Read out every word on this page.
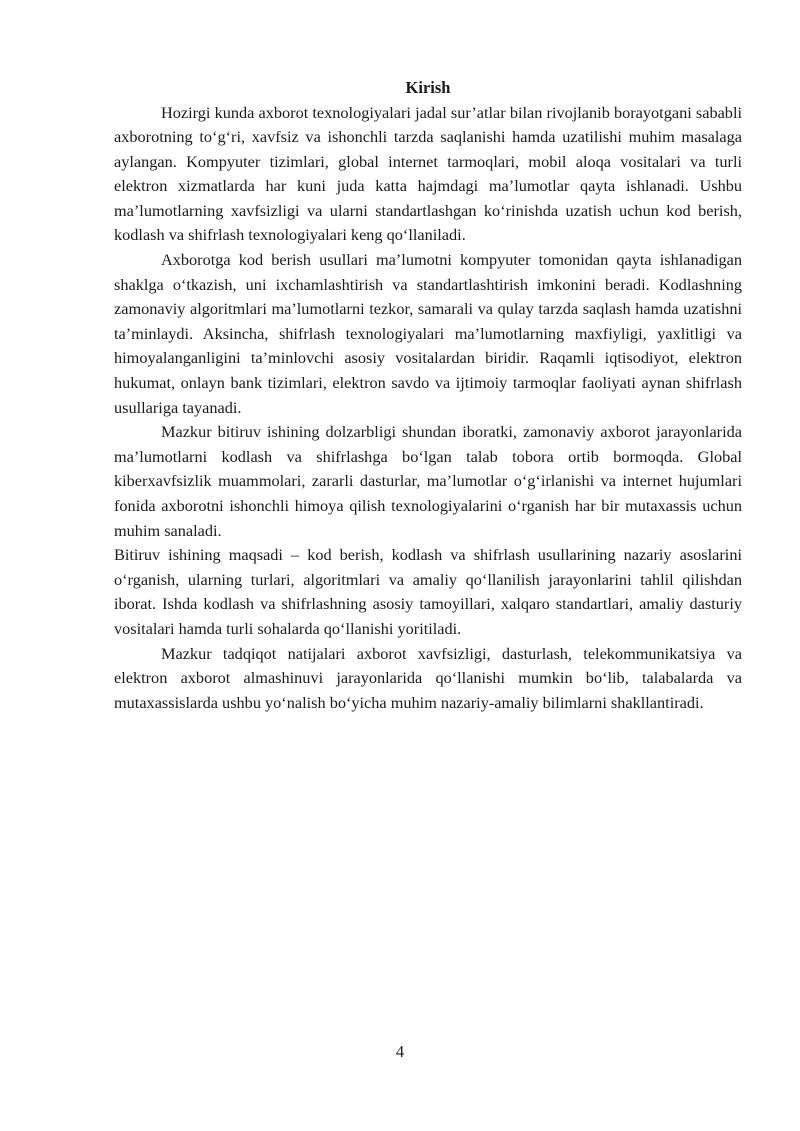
Kirish

Hozirgi kunda axborot texnologiyalari jadal sur’atlar bilan rivojlanib borayotgani sababli axborotning to‘g‘ri, xavfsiz va ishonchli tarzda saqlanishi hamda uzatilishi muhim masalaga aylangan. Kompyuter tizimlari, global internet tarmoqlari, mobil aloqa vositalari va turli elektron xizmatlarda har kuni juda katta hajmdagi ma’lumotlar qayta ishlanadi. Ushbu ma’lumotlarning xavfsizligi va ularni standartlashgan ko‘rinishda uzatish uchun kod berish, kodlash va shifrlash texnologiyalari keng qo‘llaniladi.

Axborotga kod berish usullari ma’lumotni kompyuter tomonidan qayta ishlanadigan shaklga o‘tkazish, uni ixchamlashtirish va standartlashtirish imkonini beradi. Kodlashning zamonaviy algoritmlari ma’lumotlarni tezkor, samarali va qulay tarzda saqlash hamda uzatishni ta’minlaydi. Aksincha, shifrlash texnologiyalari ma’lumotlarning maxfiyligi, yaxlitligi va himoyalanganligini ta’minlovchi asosiy vositalardan biridir. Raqamli iqtisodiyot, elektron hukumat, onlayn bank tizimlari, elektron savdo va ijtimoiy tarmoqlar faoliyati aynan shifrlash usullariga tayanadi.

Mazkur bitiruv ishining dolzarbligi shundan iboratki, zamonaviy axborot jarayonlarida ma’lumotlarni kodlash va shifrlashga bo‘lgan talab tobora ortib bormoqda. Global kiberxavfsizlik muammolari, zararli dasturlar, ma’lumotlar o‘g‘irlanishi va internet hujumlari fonida axborotni ishonchli himoya qilish texnologiyalarini o‘rganish har bir mutaxassis uchun muhim sanaladi.

Bitiruv ishining maqsadi – kod berish, kodlash va shifrlash usullarining nazariy asoslarini o‘rganish, ularning turlari, algoritmlari va amaliy qo‘llanilish jarayonlarini tahlil qilishdan iborat. Ishda kodlash va shifrlashning asosiy tamoyillari, xalqaro standartlari, amaliy dasturiy vositalari hamda turli sohalarda qo‘llanishi yoritiladi.

Mazkur tadqiqot natijalari axborot xavfsizligi, dasturlash, telekommunikatsiya va elektron axborot almashinuvi jarayonlarida qo‘llanishi mumkin bo‘lib, talabalarda va mutaxassislarda ushbu yo‘nalish bo‘yicha muhim nazariy-amaliy bilimlarni shakllantiradi.

4
